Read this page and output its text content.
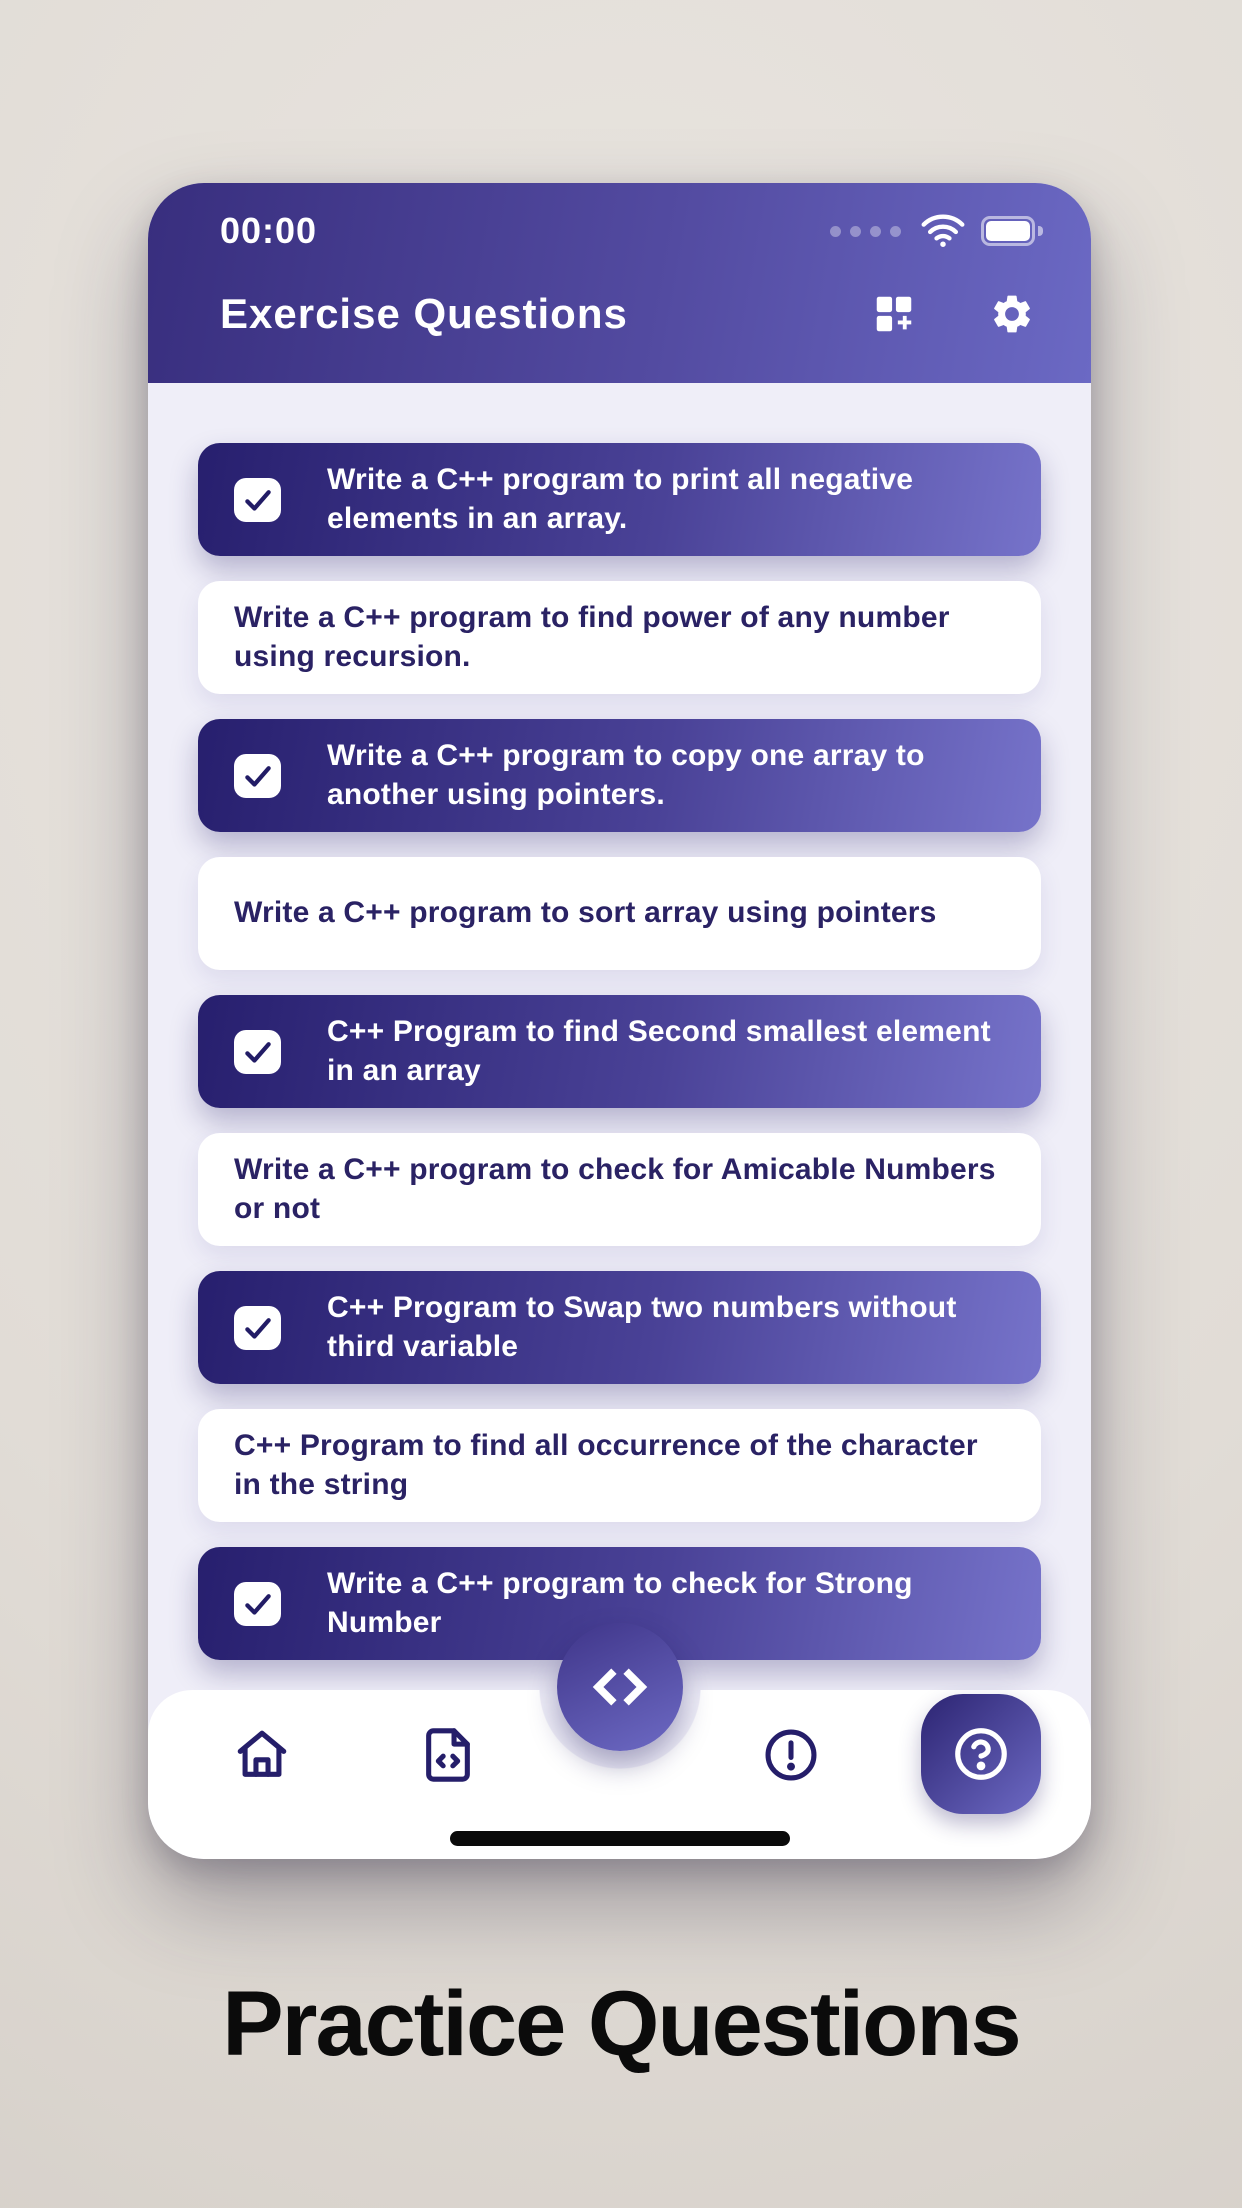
00:00
Exercise Questions
Write a C++ program to print all negative elements in an array.
Write a C++ program to find power of any number using recursion.
Write a C++ program to copy one array to another using pointers.
Write a C++ program to sort array using pointers
C++ Program to find Second smallest element in an array
Write a C++ program to check for Amicable Numbers or not
C++ Program to Swap two numbers without third variable
C++ Program to find all occurrence of the character in the string
Write a C++ program to check for Strong Number
Practice Questions
